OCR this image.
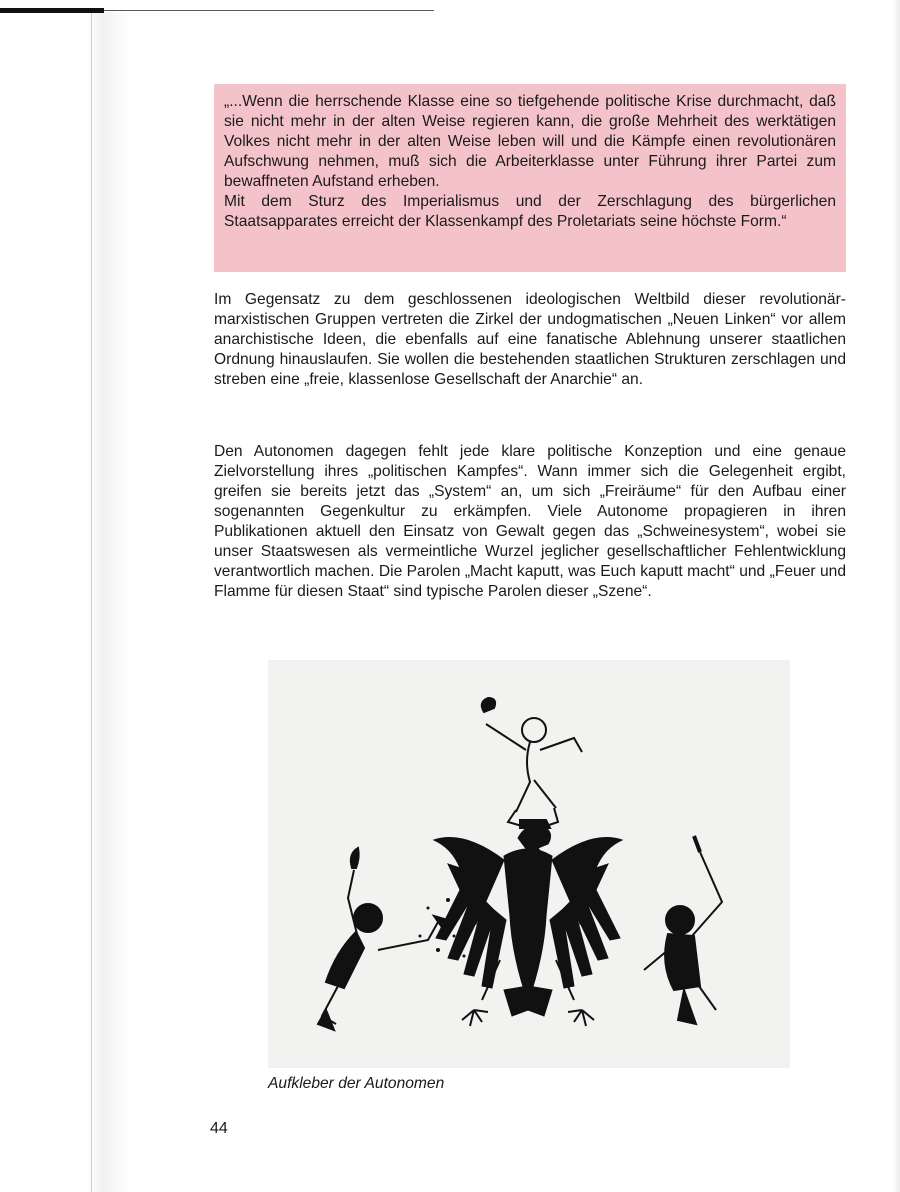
„...Wenn die herrschende Klasse eine so tiefgehende politische Krise durchmacht, daß sie nicht mehr in der alten Weise regieren kann, die große Mehrheit des werktätigen Volkes nicht mehr in der alten Weise leben will und die Kämpfe einen revolutionären Aufschwung nehmen, muß sich die Arbeiterklasse unter Führung ihrer Partei zum bewaffneten Aufstand erheben.

Mit dem Sturz des Imperialismus und der Zerschlagung des bürgerlichen Staatsapparates erreicht der Klassenkampf des Proletariats seine höchste Form.“

Im Gegensatz zu dem geschlossenen ideologischen Weltbild dieser revolutionär-marxistischen Gruppen vertreten die Zirkel der undogmatischen „Neuen Linken“ vor allem anarchistische Ideen, die ebenfalls auf eine fanatische Ablehnung unserer staatlichen Ordnung hinauslaufen. Sie wollen die bestehenden staatlichen Strukturen zerschlagen und streben eine „freie, klassenlose Gesellschaft der Anarchie“ an.

Den Autonomen dagegen fehlt jede klare politische Konzeption und eine genaue Zielvorstellung ihres „politischen Kampfes“. Wann immer sich die Gelegenheit ergibt, greifen sie bereits jetzt das „System“ an, um sich „Freiräume“ für den Aufbau einer sogenannten Gegenkultur zu erkämpfen. Viele Autonome propagieren in ihren Publikationen aktuell den Einsatz von Gewalt gegen das „Schweinesystem“, wobei sie unser Staatswesen als vermeintliche Wurzel jeglicher gesellschaftlicher Fehlentwicklung verantwortlich machen. Die Parolen „Macht kaputt, was Euch kaputt macht“ und „Feuer und Flamme für diesen Staat“ sind typische Parolen dieser „Szene“.

Aufkleber der Autonomen
44
